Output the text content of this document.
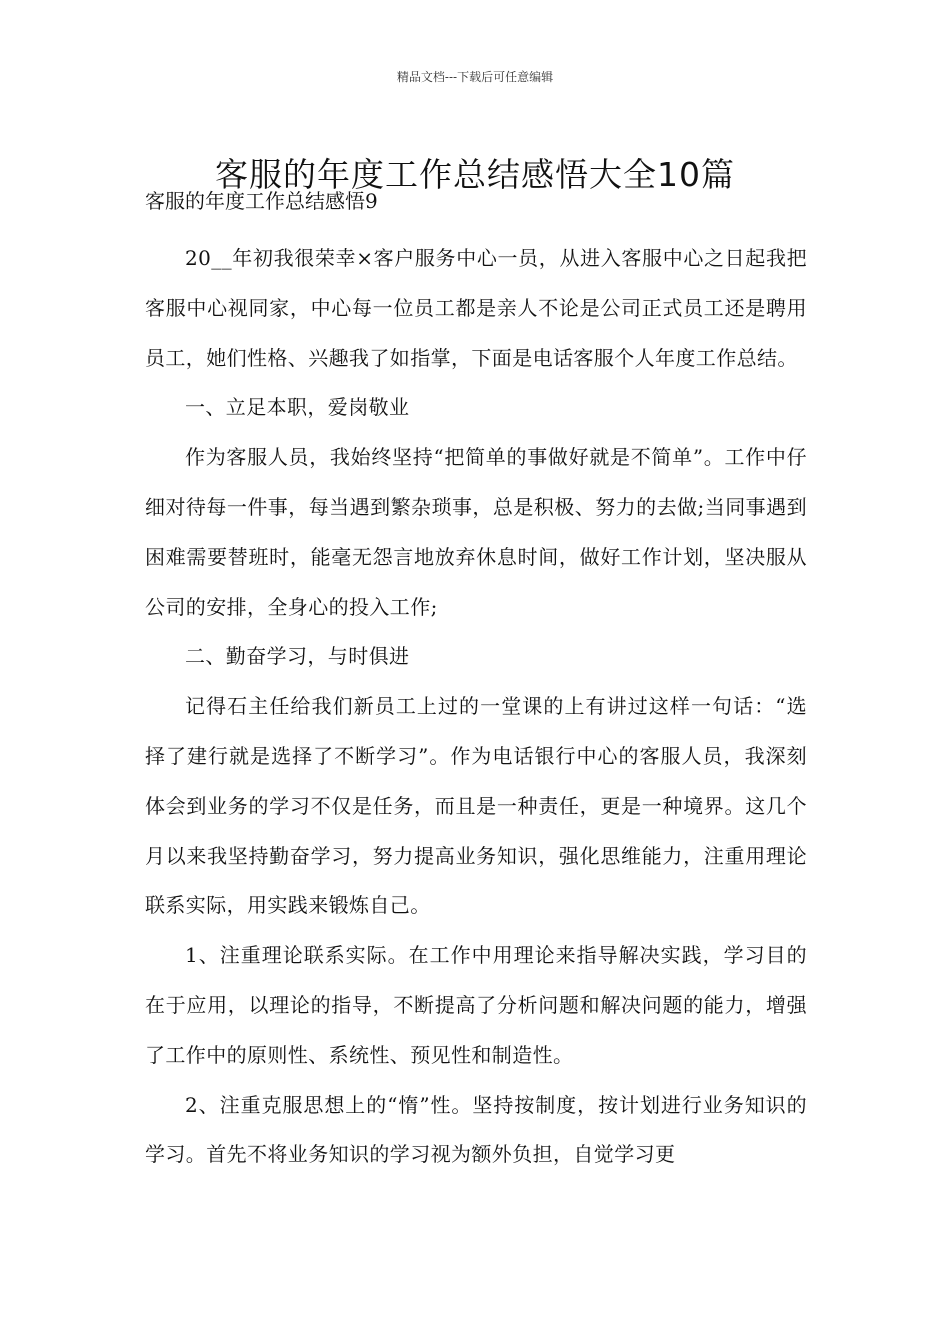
精品文档---下载后可任意编辑
客服的年度工作总结感悟大全10篇
客服的年度工作总结感悟9

20__年初我很荣幸×客户服务中心一员，从进入客服中心之日起我把客服中心视同家，中心每一位员工都是亲人不论是公司正式员工还是聘用员工，她们性格、兴趣我了如指掌，下面是电话客服个人年度工作总结。

一、立足本职，爱岗敬业

作为客服人员，我始终坚持“把简单的事做好就是不简单”。工作中仔细对待每一件事，每当遇到繁杂琐事，总是积极、努力的去做;当同事遇到困难需要替班时，能毫无怨言地放弃休息时间，做好工作计划，坚决服从公司的安排，全身心的投入工作;

二、勤奋学习，与时俱进

记得石主任给我们新员工上过的一堂课的上有讲过这样一句话：“选择了建行就是选择了不断学习”。作为电话银行中心的客服人员，我深刻体会到业务的学习不仅是任务，而且是一种责任，更是一种境界。这几个月以来我坚持勤奋学习，努力提高业务知识，强化思维能力，注重用理论联系实际，用实践来锻炼自己。

1、注重理论联系实际。在工作中用理论来指导解决实践，学习目的在于应用，以理论的指导，不断提高了分析问题和解决问题的能力，增强了工作中的原则性、系统性、预见性和制造性。

2、注重克服思想上的“惰”性。坚持按制度，按计划进行业务知识的学习。首先不将业务知识的学习视为额外负担，自觉学习更
